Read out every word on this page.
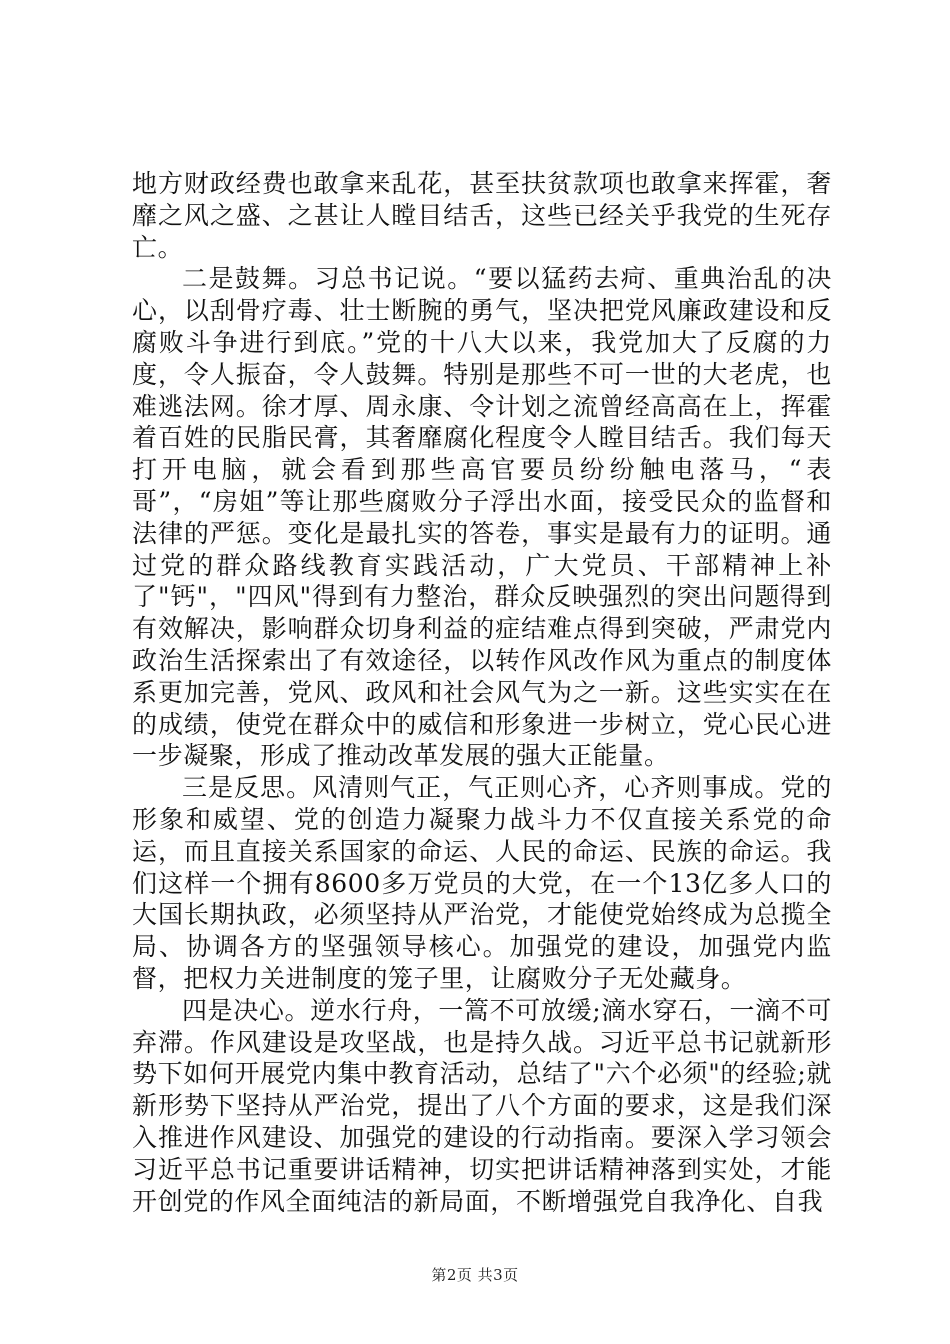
地方财政经费也敢拿来乱花，甚至扶贫款项也敢拿来挥霍，奢靡之风之盛、之甚让人瞠目结舌，这些已经关乎我党的生死存亡。

二是鼓舞。习总书记说。“要以猛药去疴、重典治乱的决心，以刮骨疗毒、壮士断腕的勇气，坚决把党风廉政建设和反腐败斗争进行到底。”党的十八大以来，我党加大了反腐的力度，令人振奋，令人鼓舞。特别是那些不可一世的大老虎，也难逃法网。徐才厚、周永康、令计划之流曾经高高在上，挥霍着百姓的民脂民膏，其奢靡腐化程度令人瞠目结舌。我们每天打开电脑，就会看到那些高官要员纷纷触电落马，“表哥”，“房姐”等让那些腐败分子浮出水面，接受民众的监督和法律的严惩。变化是最扎实的答卷，事实是最有力的证明。通过党的群众路线教育实践活动，广大党员、干部精神上补了"钙"，"四风"得到有力整治，群众反映强烈的突出问题得到有效解决，影响群众切身利益的症结难点得到突破，严肃党内政治生活探索出了有效途径，以转作风改作风为重点的制度体系更加完善，党风、政风和社会风气为之一新。这些实实在在的成绩，使党在群众中的威信和形象进一步树立，党心民心进一步凝聚，形成了推动改革发展的强大正能量。

三是反思。风清则气正，气正则心齐，心齐则事成。党的形象和威望、党的创造力凝聚力战斗力不仅直接关系党的命运，而且直接关系国家的命运、人民的命运、民族的命运。我们这样一个拥有8600多万党员的大党，在一个13亿多人口的大国长期执政，必须坚持从严治党，才能使党始终成为总揽全局、协调各方的坚强领导核心。加强党的建设，加强党内监督，把权力关进制度的笼子里，让腐败分子无处藏身。

四是决心。逆水行舟，一篙不可放缓;滴水穿石，一滴不可弃滞。作风建设是攻坚战，也是持久战。习近平总书记就新形势下如何开展党内集中教育活动，总结了"六个必须"的经验;就新形势下坚持从严治党，提出了八个方面的要求，这是我们深入推进作风建设、加强党的建设的行动指南。要深入学习领会习近平总书记重要讲话精神，切实把讲话精神落到实处，才能开创党的作风全面纯洁的新局面，不断增强党自我净化、自我

第2页 共3页
